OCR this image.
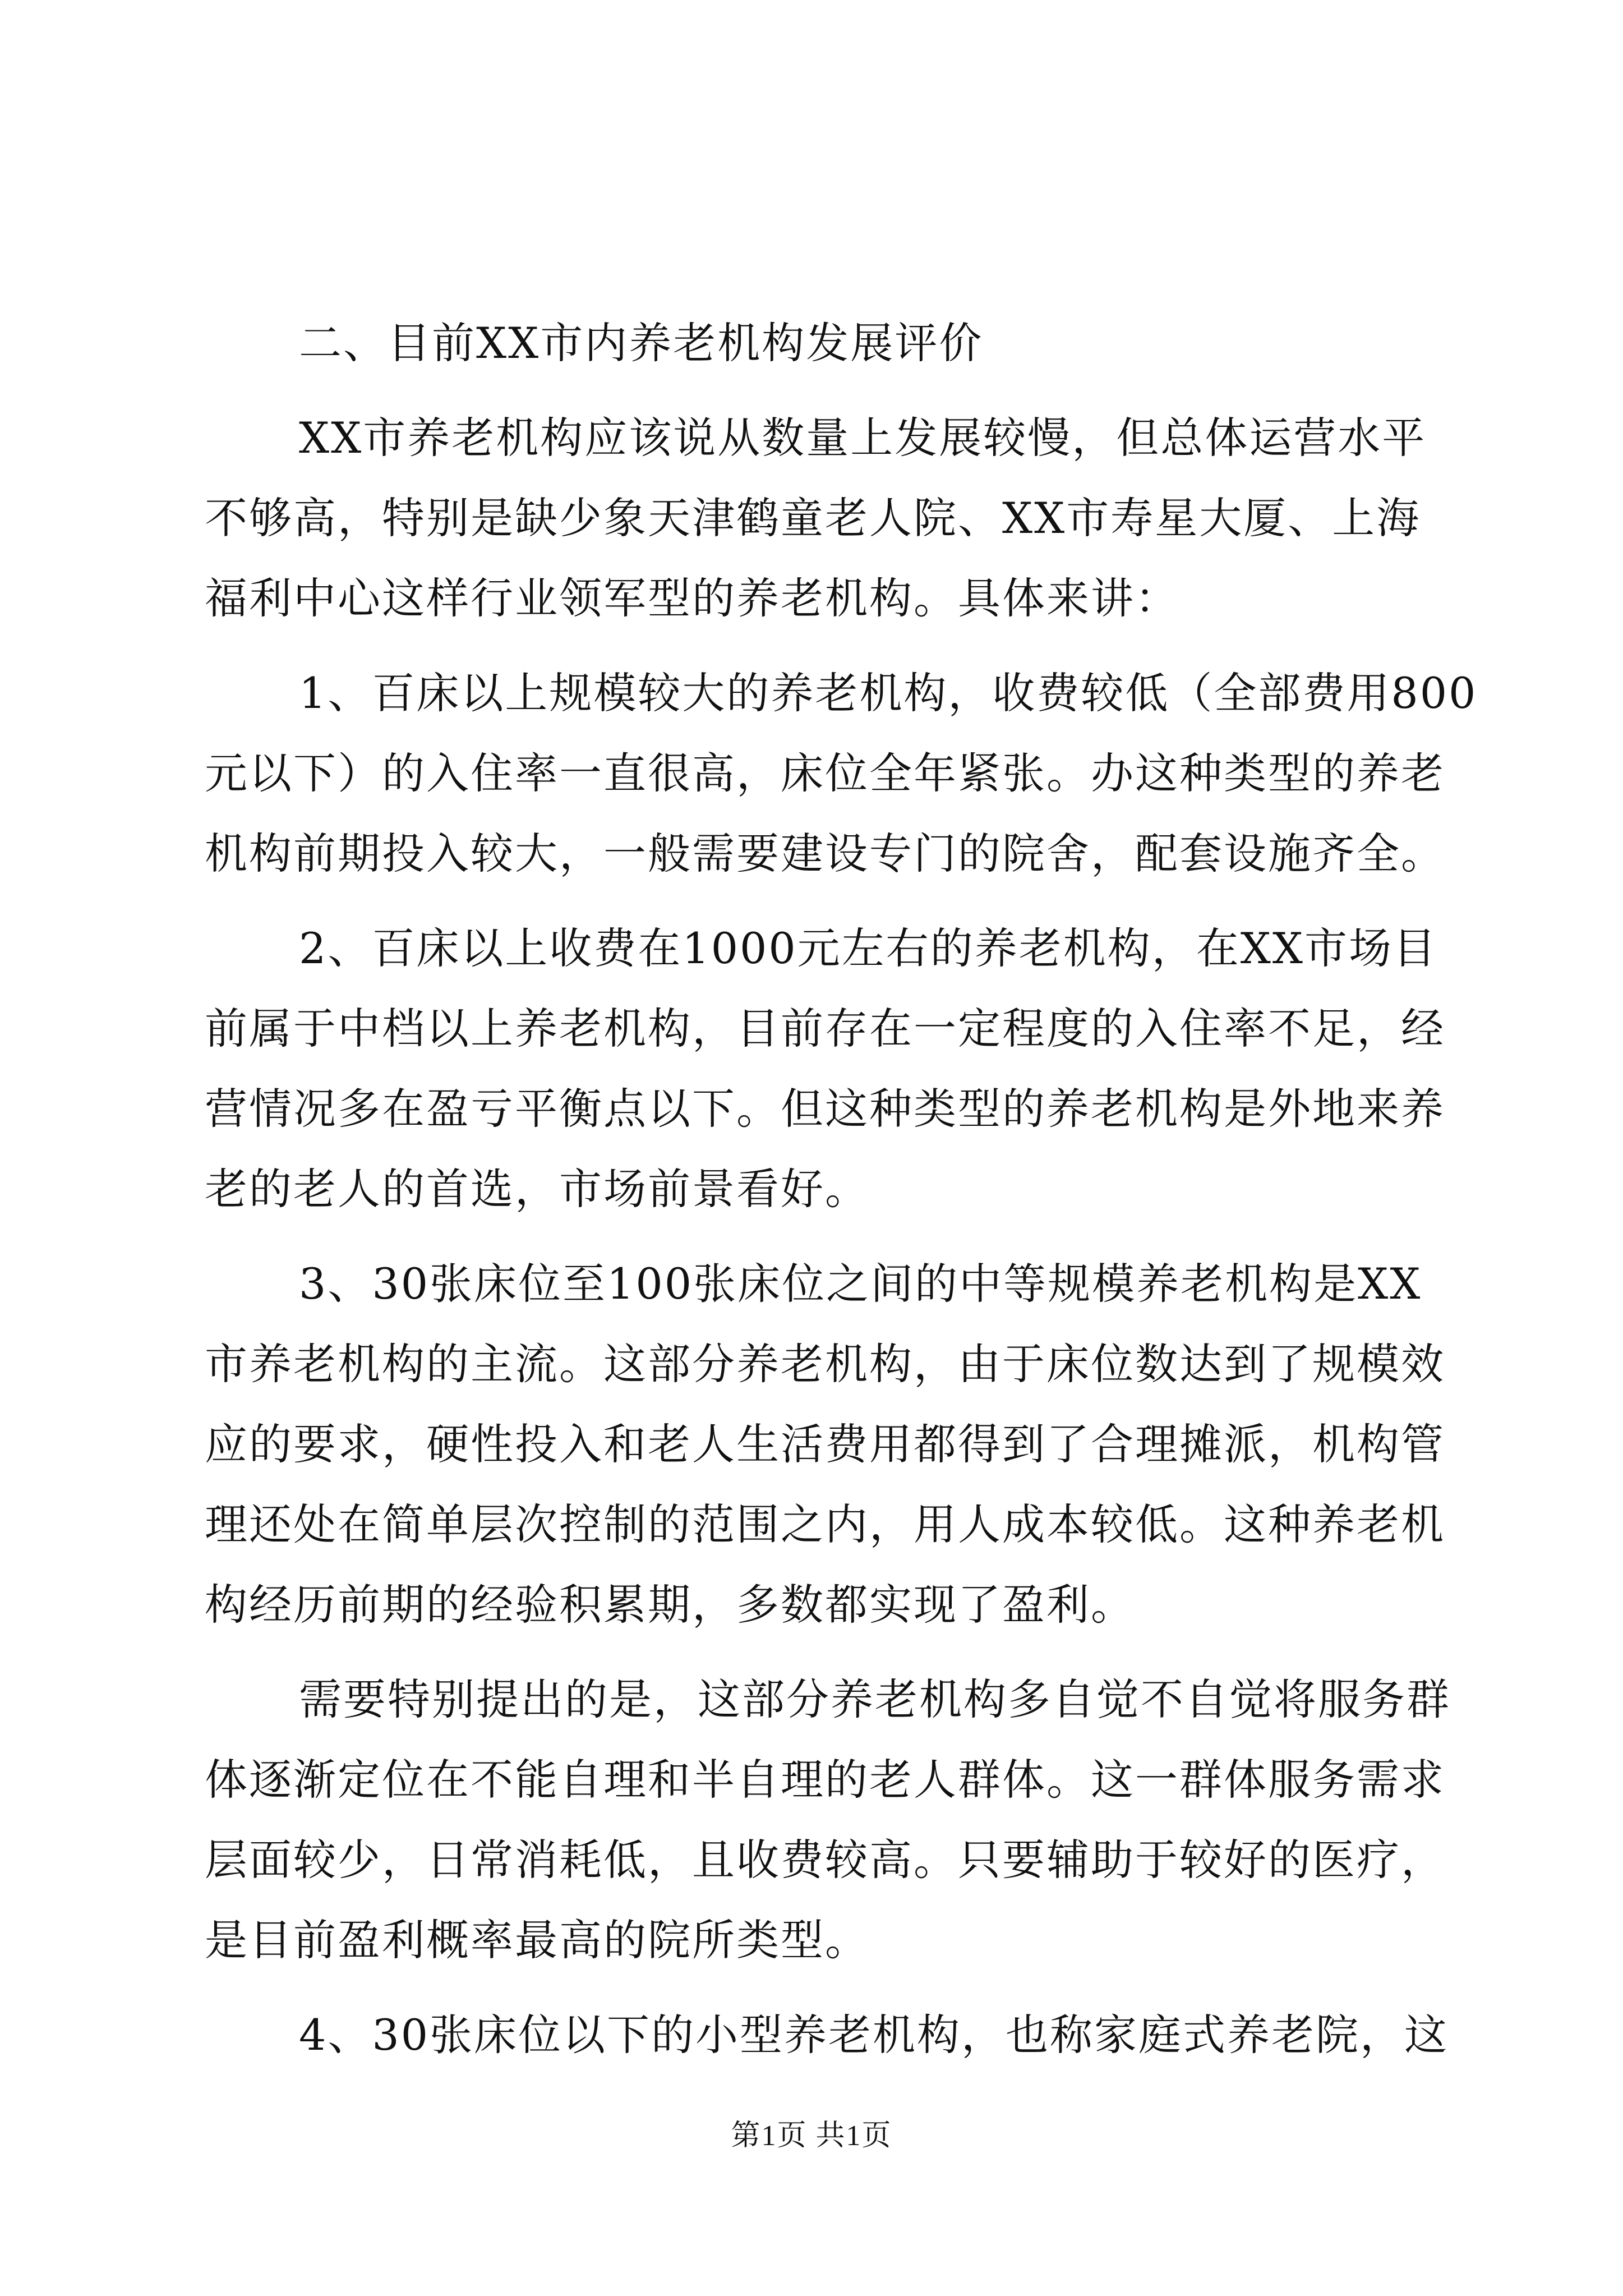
二、目前XX市内养老机构发展评价
XX市养老机构应该说从数量上发展较慢，但总体运营水平
不够高，特别是缺少象天津鹤童老人院、XX市寿星大厦、上海
福利中心这样行业领军型的养老机构。具体来讲：
1、百床以上规模较大的养老机构，收费较低（全部费用800
元以下）的入住率一直很高，床位全年紧张。办这种类型的养老
机构前期投入较大，一般需要建设专门的院舍，配套设施齐全。
2、百床以上收费在1000元左右的养老机构，在XX市场目
前属于中档以上养老机构，目前存在一定程度的入住率不足，经
营情况多在盈亏平衡点以下。但这种类型的养老机构是外地来养
老的老人的首选，市场前景看好。
3、30张床位至100张床位之间的中等规模养老机构是XX
市养老机构的主流。这部分养老机构，由于床位数达到了规模效
应的要求，硬性投入和老人生活费用都得到了合理摊派，机构管
理还处在简单层次控制的范围之内，用人成本较低。这种养老机
构经历前期的经验积累期，多数都实现了盈利。
需要特别提出的是，这部分养老机构多自觉不自觉将服务群
体逐渐定位在不能自理和半自理的老人群体。这一群体服务需求
层面较少，日常消耗低，且收费较高。只要辅助于较好的医疗，
是目前盈利概率最高的院所类型。
4、30张床位以下的小型养老机构，也称家庭式养老院，这
第1页 共1页
